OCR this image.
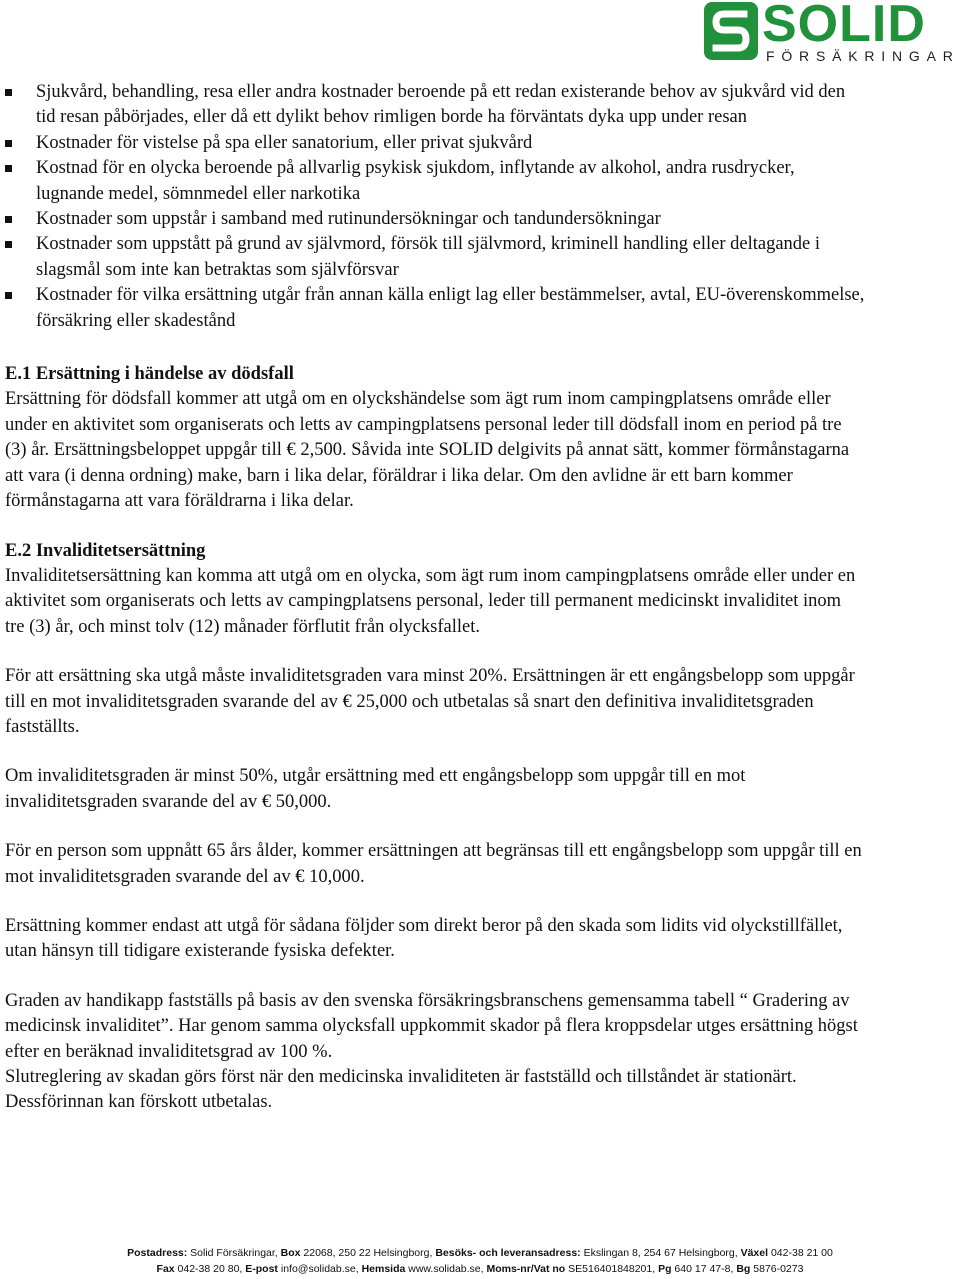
SOLID
FÖRSÄKRINGAR
Sjukvård, behandling, resa eller andra kostnader beroende på ett redan existerande behov av sjukvård vid den tid resan påbörjades, eller då ett dylikt behov rimligen borde ha förväntats dyka upp under resan
Kostnader för vistelse på spa eller sanatorium, eller privat sjukvård
Kostnad för en olycka beroende på allvarlig psykisk sjukdom, inflytande av alkohol, andra rusdrycker, lugnande medel, sömnmedel eller narkotika
Kostnader som uppstår i samband med rutinundersökningar och tandundersökningar
Kostnader som uppstått på grund av självmord, försök till självmord, kriminell handling eller deltagande i slagsmål som inte kan betraktas som självförsvar
Kostnader för vilka ersättning utgår från annan källa enligt lag eller bestämmelser, avtal, EU-överenskommelse, försäkring eller skadestånd
E.1 Ersättning i händelse av dödsfall

Ersättning för dödsfall kommer att utgå om en olyckshändelse som ägt rum inom campingplatsens område eller under en aktivitet som organiserats och letts av campingplatsens personal leder till dödsfall inom en period på tre (3) år. Ersättningsbeloppet uppgår till € 2,500. Såvida inte SOLID delgivits på annat sätt, kommer förmånstagarna att vara (i denna ordning) make, barn i lika delar, föräldrar i lika delar. Om den avlidne är ett barn kommer förmånstagarna att vara föräldrarna i lika delar.

E.2 Invaliditetsersättning

Invaliditetsersättning kan komma att utgå om en olycka, som ägt rum inom campingplatsens område eller under en aktivitet som organiserats och letts av campingplatsens personal, leder till permanent medicinskt invaliditet inom tre (3) år, och minst tolv (12) månader förflutit från olycksfallet.

För att ersättning ska utgå måste invaliditetsgraden vara minst 20%. Ersättningen är ett engångsbelopp som uppgår till en mot invaliditetsgraden svarande del av € 25,000 och utbetalas så snart den definitiva invaliditetsgraden fastställts.

Om invaliditetsgraden är minst 50%, utgår ersättning med ett engångsbelopp som uppgår till en mot invaliditetsgraden svarande del av € 50,000.

För en person som uppnått 65 års ålder, kommer ersättningen att begränsas till ett engångsbelopp som uppgår till en mot invaliditetsgraden svarande del av € 10,000.

Ersättning kommer endast att utgå för sådana följder som direkt beror på den skada som lidits vid olyckstillfället, utan hänsyn till tidigare existerande fysiska defekter.

Graden av handikapp fastställs på basis av den svenska försäkringsbranschens gemensamma tabell “ Gradering av medicinsk invaliditet”. Har genom samma olycksfall uppkommit skador på flera kroppsdelar utges ersättning högst efter en beräknad invaliditetsgrad av 100 %.

Slutreglering av skadan görs först när den medicinska invaliditeten är fastställd och tillståndet är stationärt. Dessförinnan kan förskott utbetalas.

Postadress: Solid Försäkringar, Box 22068, 250 22 Helsingborg, Besöks- och leveransadress: Ekslingan 8, 254 67 Helsingborg, Växel 042-38 21 00
Fax 042-38 20 80, E-post info@solidab.se, Hemsida www.solidab.se, Moms-nr/Vat no SE516401848201, Pg 640 17 47-8, Bg 5876-0273
